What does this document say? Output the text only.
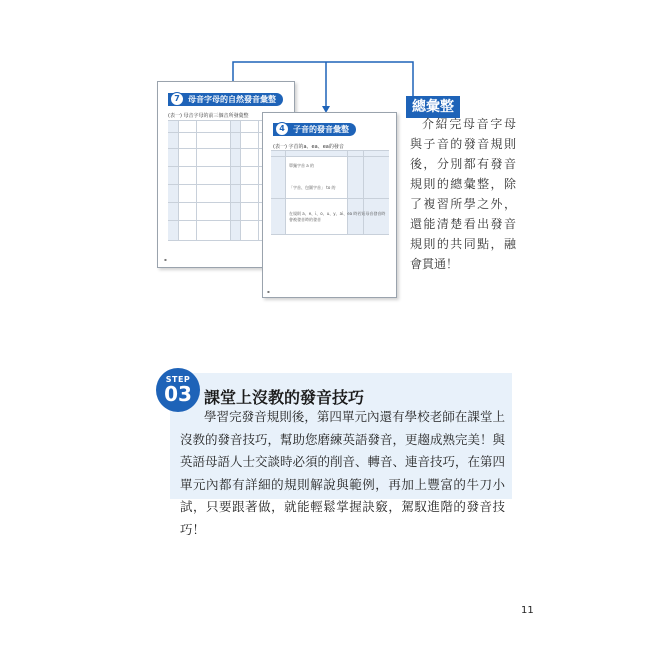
7	母音字母的自然發音彙整
(表一) 母音字母的前三個音所發彙整
▪
4	子音的發音彙整
(表一) 字首的a、ea、ea的發音
單獨字首 a 的
「字首、包圍字首」 to 的
在規則 a、e、i、o、u、y、ai、ea 時若短母音發音時
會被發音時的發音
▪
總彙整
介紹完母音字母與子音的發音規則後，分別都有發音規則的總彙整，除了複習所學之外，還能清楚看出發音規則的共同點，融會貫通！
STEP
03 課堂上沒教的發音技巧

學習完發音規則後，第四單元內還有學校老師在課堂上沒教的發音技巧，幫助您磨練英語發音，更趨成熟完美！與英語母語人士交談時必須的削音、轉音、連音技巧，在第四單元內都有詳細的規則解說與範例，再加上豐富的牛刀小試，只要跟著做，就能輕鬆掌握訣竅，駕馭進階的發音技巧！

11
